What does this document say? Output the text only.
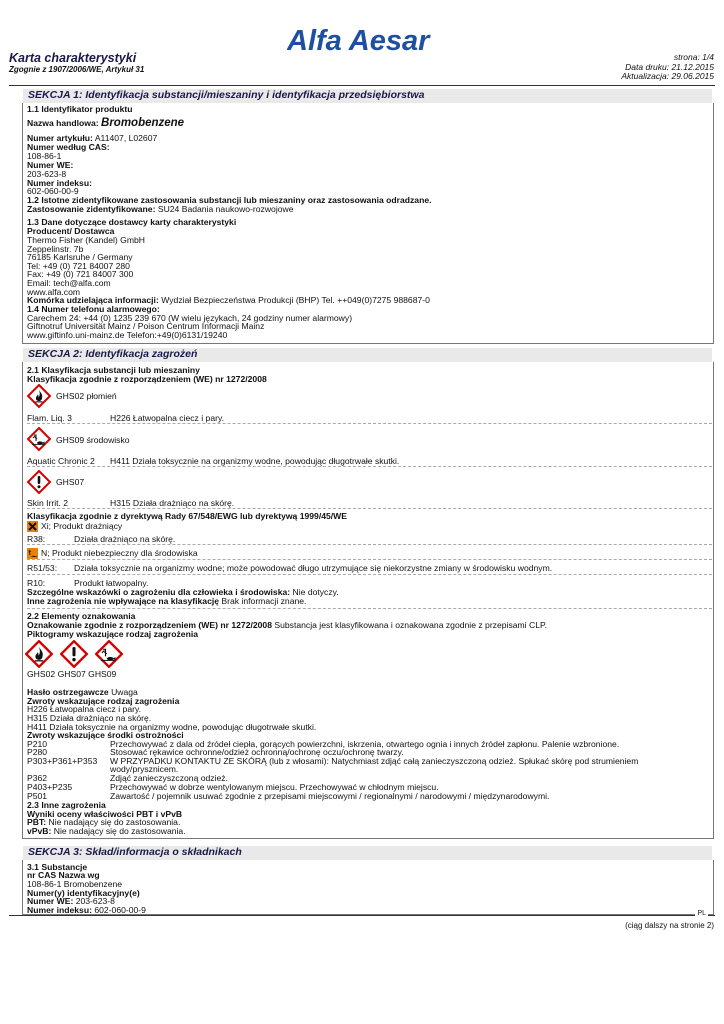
Alfa Aesar
Karta charakterystyki
Zgognie z 1907/2006/WE, Artykuł 31
strona: 1/4
Data druku: 21.12.2015
Aktualizacja: 29.06.2015
SEKCJA 1: Identyfikacja substancji/mieszaniny i identyfikacja przedsiębiorstwa
1.1 Identyfikator produktu
Nazwa handlowa: Bromobenzene
Numer artykułu: A11407, L02607
Numer według CAS:
108-86-1
Numer WE:
203-623-8
Numer indeksu:
602-060-00-9
1.2 Istotne zidentyfikowane zastosowania substancji lub mieszaniny oraz zastosowania odradzane.
Zastosowanie zidentyfikowane: SU24 Badania naukowo-rozwojowe
1.3 Dane dotyczące dostawcy karty charakterystyki
Producent/ Dostawca
Thermo Fisher (Kandel) GmbH
Zeppelinstr. 7b
76185 Karlsruhe / Germany
Tel: +49 (0) 721 84007 280
Fax: +49 (0) 721 84007 300
Email: tech@alfa.com
www.alfa.com
Komórka udzielająca informacji: Wydział Bezpieczeństwa Produkcji (BHP) Tel. ++049(0)7275 988687-0
1.4 Numer telefonu alarmowego:
Carechem 24: +44 (0) 1235 239 670 (W wielu językach, 24 godziny numer alarmowy)
Giftnotruf Universität Mainz / Poison Centrum Informacji Mainz
www.giftinfo.uni-mainz.de Telefon:+49(0)6131/19240
SEKCJA 2: Identyfikacja zagrożeń
2.1 Klasyfikacja substancji lub mieszaniny
Klasyfikacja zgodnie z rozporządzeniem (WE) nr 1272/2008
GHS02 płomień
Flam. Liq. 3	H226 Łatwopalna ciecz i pary.
GHS09 środowisko
Aquatic Chronic 2 H411 Działa toksycznie na organizmy wodne, powodując długotrwałe skutki.
GHS07
Skin Irrit. 2	H315 Działa drażniąco na skórę.
Klasyfikacja zgodnie z dyrektywą Rady 67/548/EWG lub dyrektywą 1999/45/WE
Xi; Produkt drażniący
R38:	Działa drażniąco na skórę.
N; Produkt niebezpieczny dla środowiska
R51/53: Działa toksycznie na organizmy wodne; może powodować długo utrzymujące się niekorzystne zmiany w środowisku wodnym.
R10:	Produkt łatwopalny.
Szczególne wskazówki o zagrożeniu dla człowieka i środowiska: Nie dotyczy.
Inne zagrożenia nie wpływające na klasyfikację Brak informacji znane.
2.2 Elementy oznakowania
Oznakowanie zgodnie z rozporządzeniem (WE) nr 1272/2008 Substancja jest klasyfikowana i oznakowana zgodnie z przepisami CLP.
Piktogramy wskazujące rodzaj zagrożenia
GHS02 GHS07 GHS09
Hasło ostrzegawcze Uwaga
Zwroty wskazujące rodzaj zagrożenia
H226 Łatwopalna ciecz i pary.
H315 Działa drażniąco na skórę.
H411 Działa toksycznie na organizmy wodne, powodując długotrwałe skutki.
Zwroty wskazujące środki ostrożności
P210	Przechowywać z dala od źródeł ciepła, gorących powierzchni, iskrzenia, otwartego ognia i innych źródeł zapłonu. Palenie wzbronione.
P280	Stosować rękawice ochronne/odzież ochronną/ochronę oczu/ochronę twarzy.
P303+P361+P353 W PRZYPADKU KONTAKTU ZE SKÓRĄ (lub z włosami): Natychmiast zdjąć całą zanieczyszczoną odzież. Spłukać skórę pod strumieniem
wody/prysznicem.
P362	Zdjąć zanieczyszczoną odzież.
P403+P235	Przechowywać w dobrze wentylowanym miejscu. Przechowywać w chłodnym miejscu.
P501	Zawartość / pojemnik usuwać zgodnie z przepisami miejscowymi / regionalnymi / narodowymi / międzynarodowymi.
2.3 Inne zagrożenia
Wyniki oceny właściwości PBT i vPvB
PBT: Nie nadający się do zastosowania.
vPvB: Nie nadający się do zastosowania.
SEKCJA 3: Skład/informacja o składnikach
3.1 Substancje
nr CAS Nazwa wg
108-86-1 Bromobenzene
Numer(y) identyfikacyjny(e)
Numer WE: 203-623-8
Numer indeksu: 602-060-00-9	PL
(ciąg dalszy na stronie 2)
